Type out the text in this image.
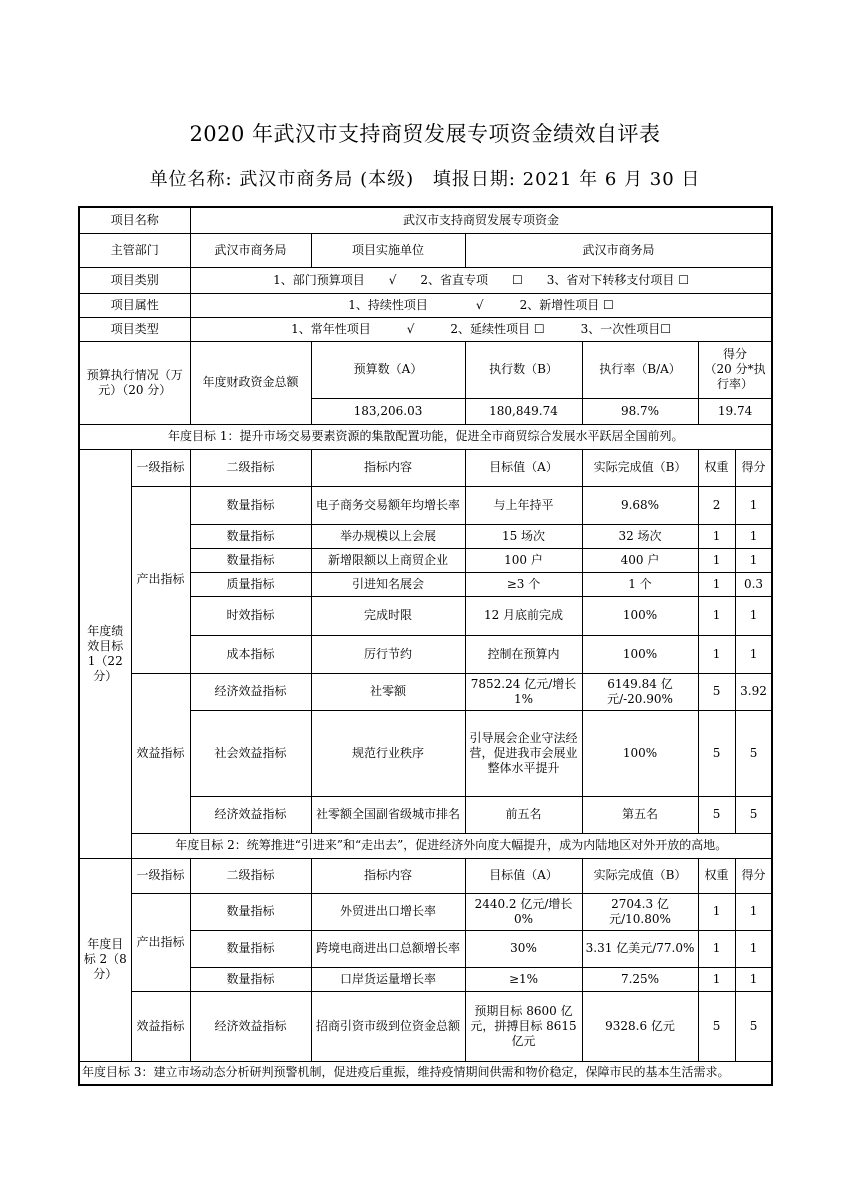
2020 年武汉市支持商贸发展专项资金绩效自评表
单位名称: 武汉市商务局 (本级) 填报日期: 2021 年 6 月 30 日
项目名称		武汉市支持商贸发展专项资金					
主管部门		武汉市商务局	项目实施单位	武汉市商务局			
项目类别		1、部门预算项目　　√　　2、省直专项　　☐　　3、省对下转移支付项目 ☐					
项目属性		1、持续性项目　　　　√　　　2、新增性项目 ☐					
项目类型		1、常年性项目　　　√　　　2、延续性项目 ☐　　　3、一次性项目☐					
预算执行情况（万元）（20 分）		年度财政资金总额	预算数（A）	执行数（B）	执行率（B/A）	得分
（20 分*执行率）	

			183,206.03	180,849.74	98.7%	19.74	
年度目标 1：提升市场交易要素资源的集散配置功能，促进全市商贸综合发展水平跃居全国前列。							
年度绩效目标 1（22 分）	一级指标	二级指标	指标内容	目标值（A）	实际完成值（B）	权重	得分
	产出指标	数量指标	电子商务交易额年均增长率	与上年持平	9.68%	2	1
		数量指标	举办规模以上会展	15 场次	32 场次	1	1
		数量指标	新增限额以上商贸企业	100 户	400 户	1	1
		质量指标	引进知名展会	≥3 个	1 个	1	0.3
		时效指标	完成时限	12 月底前完成	100%	1	1
		成本指标	厉行节约	控制在预算内	100%	1	1
	效益指标	经济效益指标	社零额	7852.24 亿元/增长 1%	6149.84 亿元/-20.90%	5	3.92
		社会效益指标	规范行业秩序	引导展会企业守法经营，促进我市会展业整体水平提升	100%	5	5
		经济效益指标	社零额全国副省级城市排名	前五名	第五名	5	5
	年度目标 2：统筹推进“引进来”和“走出去”，促进经济外向度大幅提升，成为内陆地区对外开放的高地。						
年度目标 2（8 分）	一级指标	二级指标	指标内容	目标值（A）	实际完成值（B）	权重	得分
	产出指标	数量指标	外贸进出口增长率	2440.2 亿元/增长 0%	2704.3 亿元/10.80%	1	1
		数量指标	跨境电商进出口总额增长率	30%	3.31 亿美元/77.0%	1	1
		数量指标	口岸货运量增长率	≥1%	7.25%	1	1
	效益指标	经济效益指标	招商引资市级到位资金总额	预期目标 8600 亿元，拼搏目标 8615 亿元	9328.6 亿元	5	5
年度目标 3：建立市场动态分析研判预警机制，促进疫后重振，维持疫情期间供需和物价稳定，保障市民的基本生活需求。							
